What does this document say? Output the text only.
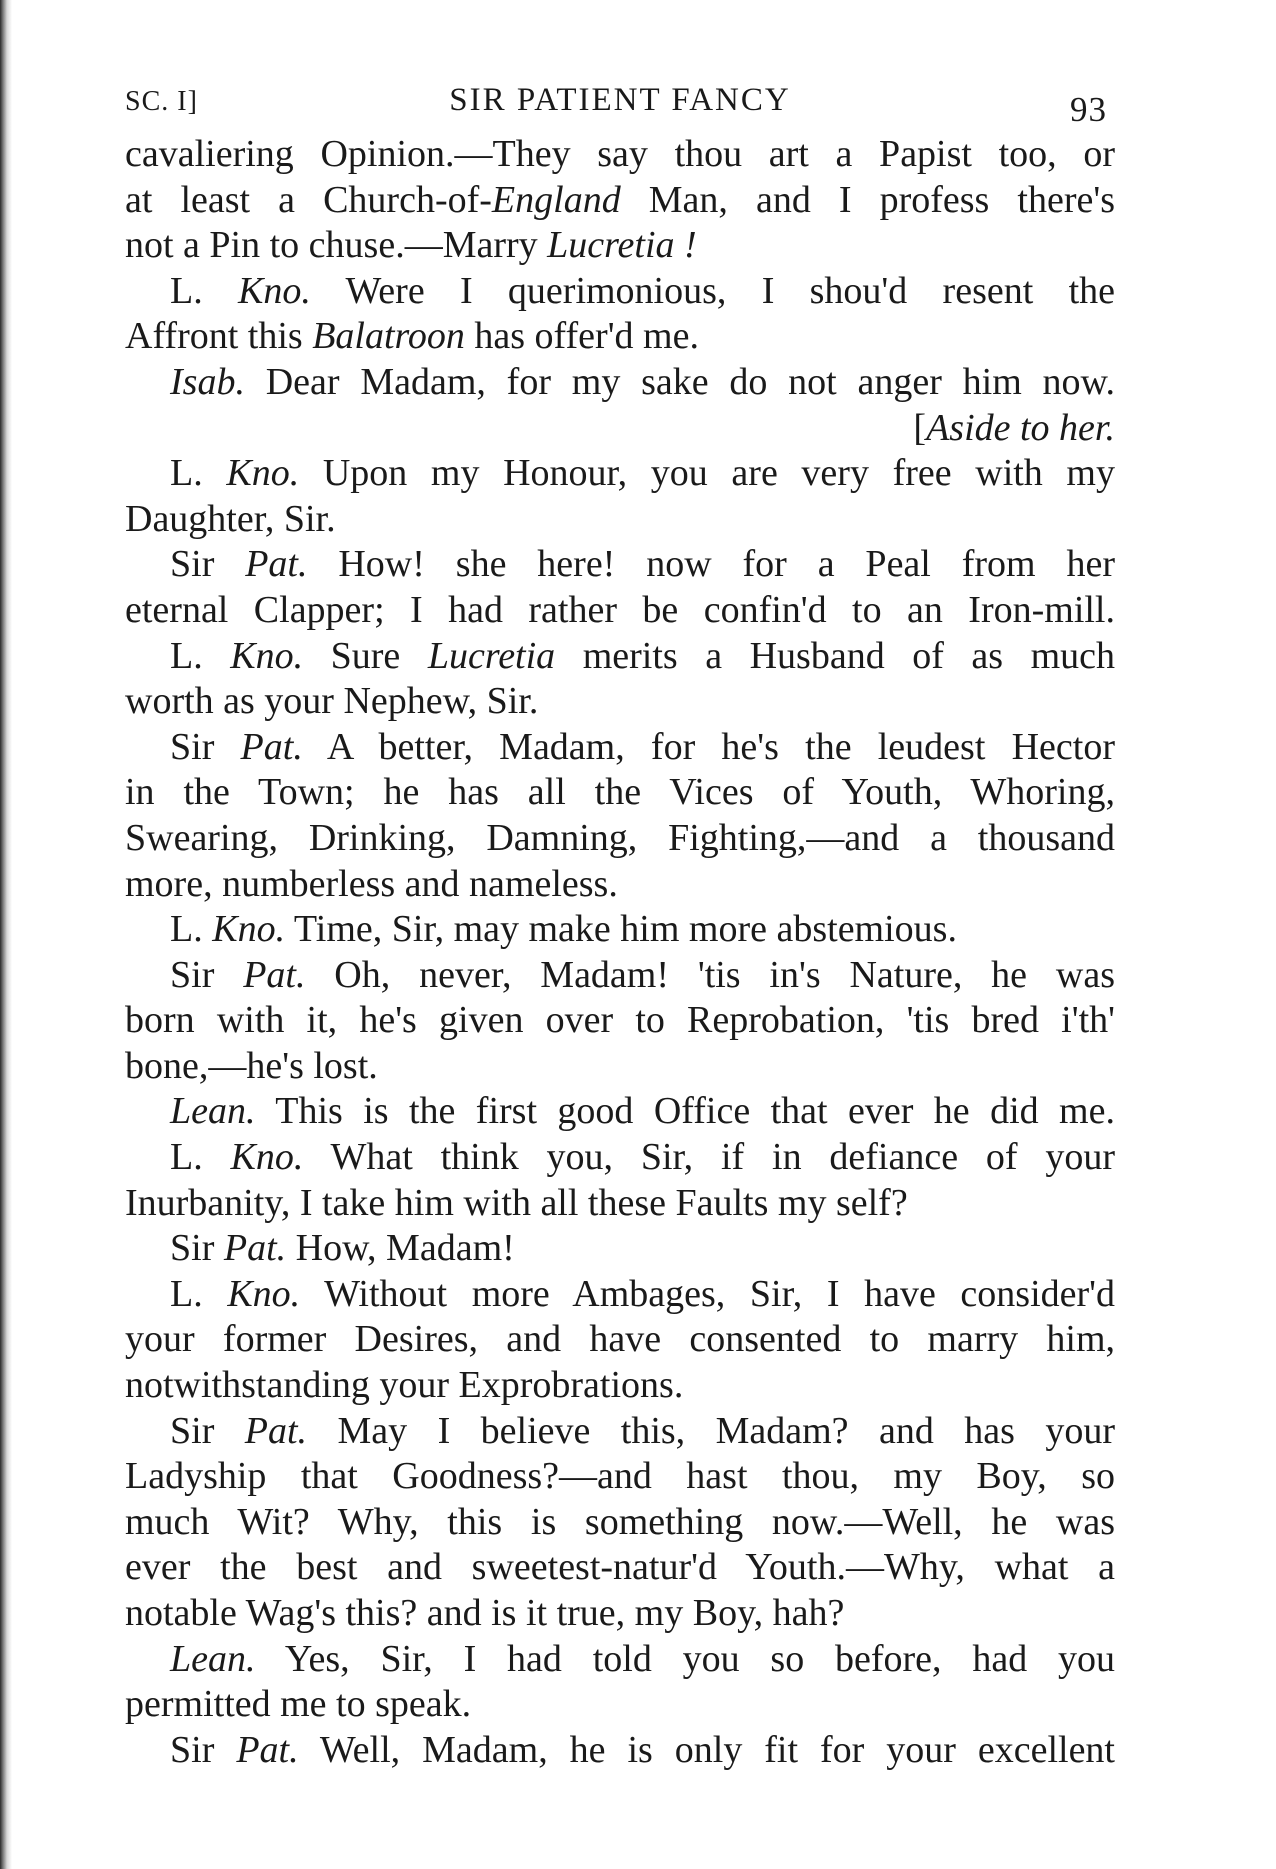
SC. I]	SIR PATIENT FANCY	93
cavaliering Opinion.—They say thou art a Papist too, or
at least a Church-of-England Man, and I profess there's
not a Pin to chuse.—Marry Lucretia !
L. Kno. Were I querimonious, I shou'd resent the
Affront this Balatroon has offer'd me.
Isab. Dear Madam, for my sake do not anger him now.
[Aside to her.
L. Kno. Upon my Honour, you are very free with my
Daughter, Sir.
Sir Pat. How! she here! now for a Peal from her
eternal Clapper; I had rather be confin'd to an Iron-mill.
L. Kno. Sure Lucretia merits a Husband of as much
worth as your Nephew, Sir.
Sir Pat. A better, Madam, for he's the leudest Hector
in the Town; he has all the Vices of Youth, Whoring,
Swearing, Drinking, Damning, Fighting,—and a thousand
more, numberless and nameless.
L. Kno. Time, Sir, may make him more abstemious.
Sir Pat. Oh, never, Madam! 'tis in's Nature, he was
born with it, he's given over to Reprobation, 'tis bred i'th'
bone,—he's lost.
Lean. This is the first good Office that ever he did me.
L. Kno. What think you, Sir, if in defiance of your
Inurbanity, I take him with all these Faults my self?
Sir Pat. How, Madam!
L. Kno. Without more Ambages, Sir, I have consider'd
your former Desires, and have consented to marry him,
notwithstanding your Exprobrations.
Sir Pat. May I believe this, Madam? and has your
Ladyship that Goodness?—and hast thou, my Boy, so
much Wit? Why, this is something now.—Well, he was
ever the best and sweetest-natur'd Youth.—Why, what a
notable Wag's this? and is it true, my Boy, hah?
Lean. Yes, Sir, I had told you so before, had you
permitted me to speak.
Sir Pat. Well, Madam, he is only fit for your excellent
